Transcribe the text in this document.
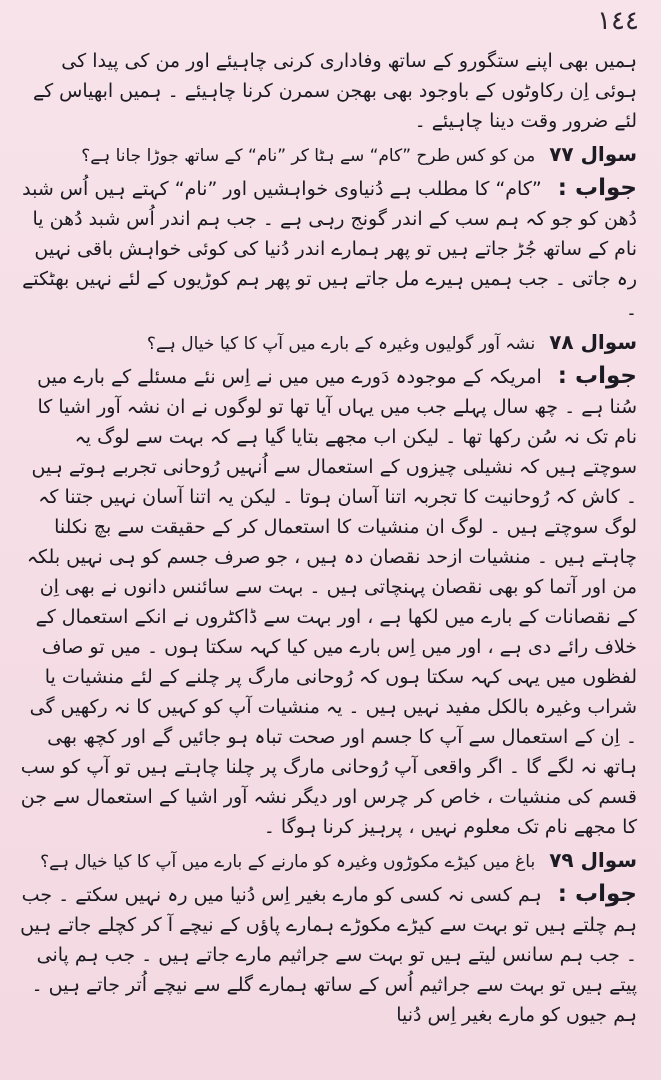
١٤٤

ہمیں بھی اپنے ستگورو کے ساتھ وفاداری کرنی چاہیئے اور من کی پیدا کی ہوئی اِن رکاوٹوں کے باوجود بھی بھجن سمرن کرنا چاہیئے ۔ ہمیں ابھیاس کے لئے ضرور وقت دینا چاہیئے ۔

سوال ٧٧
من کو کس طرح ”کام“ سے ہٹا کر ”نام“ کے ساتھ جوڑا جانا ہے؟

جواب : ”کام“ کا مطلب ہے دُنیاوی خواہشیں اور ”نام“ کہتے ہیں اُس شبد دُھن کو جو کہ ہم سب کے اندر گونج رہی ہے ۔ جب ہم اندر اُس شبد دُھن یا نام کے ساتھ جُڑ جاتے ہیں تو پھر ہمارے اندر دُنیا کی کوئی خواہش باقی نہیں رہ جاتی ۔ جب ہمیں ہیرے مل جاتے ہیں تو پھر ہم کوڑیوں کے لئے نہیں بھٹکتے ۔

سوال ٧٨
نشہ آور گولیوں وغیرہ کے بارے میں آپ کا کیا خیال ہے؟

جواب : امریکہ کے موجودہ دَورے میں میں نے اِس نئے مسئلے کے بارے میں سُنا ہے ۔ چھ سال پہلے جب میں یہاں آیا تھا تو لوگوں نے ان نشہ آور اشیا کا نام تک نہ سُن رکھا تھا ۔ لیکن اب مجھے بتایا گیا ہے کہ بہت سے لوگ یہ سوچتے ہیں کہ نشیلی چیزوں کے استعمال سے اُنہیں رُوحانی تجربے ہوتے ہیں ۔ کاش کہ رُوحانیت کا تجربہ اتنا آسان ہوتا ۔ لیکن یہ اتنا آسان نہیں جتنا کہ لوگ سوچتے ہیں ۔ لوگ ان منشیات کا استعمال کر کے حقیقت سے بچ نکلنا چاہتے ہیں ۔ منشیات ازحد نقصان دہ ہیں ، جو صرف جسم کو ہی نہیں بلکہ من اور آتما کو بھی نقصان پہنچاتی ہیں ۔ بہت سے سائنس دانوں نے بھی اِن کے نقصانات کے بارے میں لکھا ہے ، اور بہت سے ڈاکٹروں نے انکے استعمال کے خلاف رائے دی ہے ، اور میں اِس بارے میں کیا کہہ سکتا ہوں ۔ میں تو صاف لفظوں میں یہی کہہ سکتا ہوں کہ رُوحانی مارگ پر چلنے کے لئے منشیات یا شراب وغیرہ بالکل مفید نہیں ہیں ۔ یہ منشیات آپ کو کہیں کا نہ رکھیں گی ۔ اِن کے استعمال سے آپ کا جسم اور صحت تباہ ہو جائیں گے اور کچھ بھی ہاتھ نہ لگے گا ۔ اگر واقعی آپ رُوحانی مارگ پر چلنا چاہتے ہیں تو آپ کو سب قسم کی منشیات ، خاص کر چرس اور دیگر نشہ آور اشیا کے استعمال سے جن کا مجھے نام تک معلوم نہیں ، پرہیز کرنا ہوگا ۔

سوال ٧٩
باغ میں کیڑے مکوڑوں وغیرہ کو مارنے کے بارے میں آپ کا کیا خیال ہے؟

جواب : ہم کسی نہ کسی کو مارے بغیر اِس دُنیا میں رہ نہیں سکتے ۔ جب ہم چلتے ہیں تو بہت سے کیڑے مکوڑے ہمارے پاؤں کے نیچے آ کر کچلے جاتے ہیں ۔ جب ہم سانس لیتے ہیں تو بہت سے جراثیم مارے جاتے ہیں ۔ جب ہم پانی پیتے ہیں تو بہت سے جراثیم اُس کے ساتھ ہمارے گلے سے نیچے اُتر جاتے ہیں ۔ ہم جیوں کو مارے بغیر اِس دُنیا
